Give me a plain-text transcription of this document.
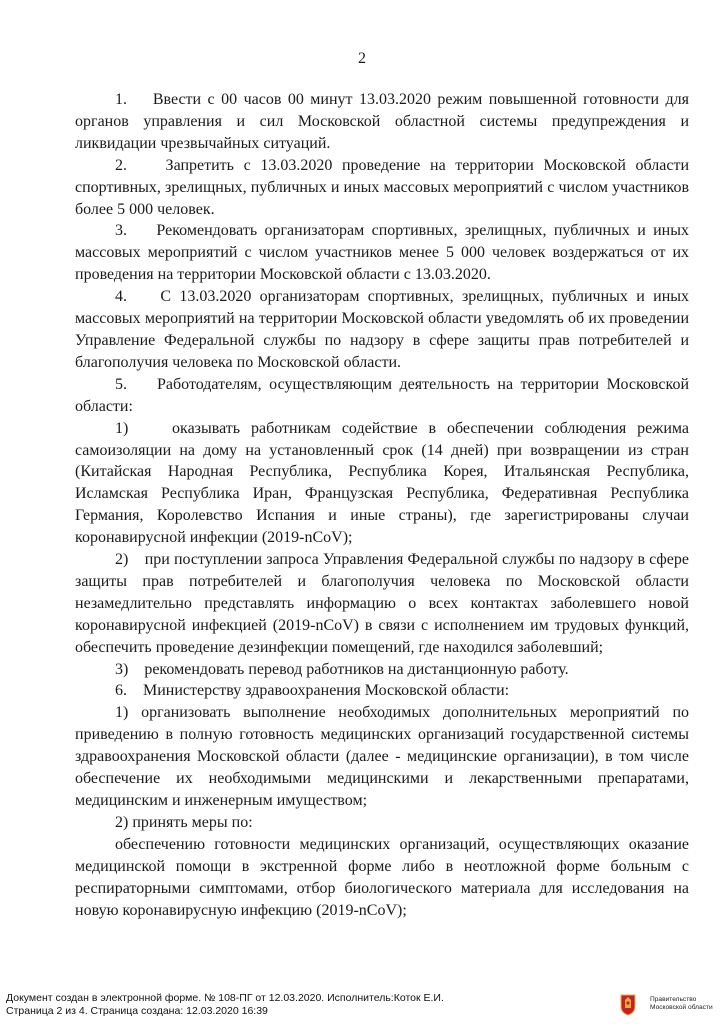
2

1.    Ввести с 00 часов 00 минут 13.03.2020 режим повышенной готовности для органов управления и сил Московской областной системы предупреждения и ликвидации чрезвычайных ситуаций.

2.    Запретить с 13.03.2020 проведение на территории Московской области спортивных, зрелищных, публичных и иных массовых мероприятий с числом участников более 5 000 человек.

3.    Рекомендовать организаторам спортивных, зрелищных, публичных и иных массовых мероприятий с числом участников менее 5 000 человек воздержаться от их проведения на территории Московской области с 13.03.2020.

4.    С 13.03.2020 организаторам спортивных, зрелищных, публичных и иных массовых мероприятий на территории Московской области уведомлять об их проведении Управление Федеральной службы по надзору в сфере защиты прав потребителей и благополучия человека по Московской области.

5.    Работодателям, осуществляющим деятельность на территории Московской области:

1)    оказывать работникам содействие в обеспечении соблюдения режима самоизоляции на дому на установленный срок (14 дней) при возвращении из стран (Китайская Народная Республика, Республика Корея, Итальянская Республика, Исламская Республика Иран, Французская Республика, Федеративная Республика Германия, Королевство Испания и иные страны), где зарегистрированы случаи коронавирусной инфекции (2019-nCoV);

2)    при поступлении запроса Управления Федеральной службы по надзору в сфере защиты прав потребителей и благополучия человека по Московской области незамедлительно представлять информацию о всех контактах заболевшего новой коронавирусной инфекцией (2019-nCoV) в связи с исполнением им трудовых функций, обеспечить проведение дезинфекции помещений, где находился заболевший;

3)    рекомендовать перевод работников на дистанционную работу.

6.    Министерству здравоохранения Московской области:

1) организовать выполнение необходимых дополнительных мероприятий по приведению в полную готовность медицинских организаций государственной системы здравоохранения Московской области (далее - медицинские организации), в том числе обеспечение их необходимыми медицинскими и лекарственными препаратами, медицинским и инженерным имуществом;

2) принять меры по:

обеспечению готовности медицинских организаций, осуществляющих оказание медицинской помощи в экстренной форме либо в неотложной форме больным с респираторными симптомами, отбор биологического материала для исследования на новую коронавирусную инфекцию (2019-nCoV);

Документ создан в электронной форме. № 108-ПГ от 12.03.2020. Исполнитель:Коток Е.И.
Страница 2 из 4. Страница создана: 12.03.2020 16:39
Правительство
Московской области
